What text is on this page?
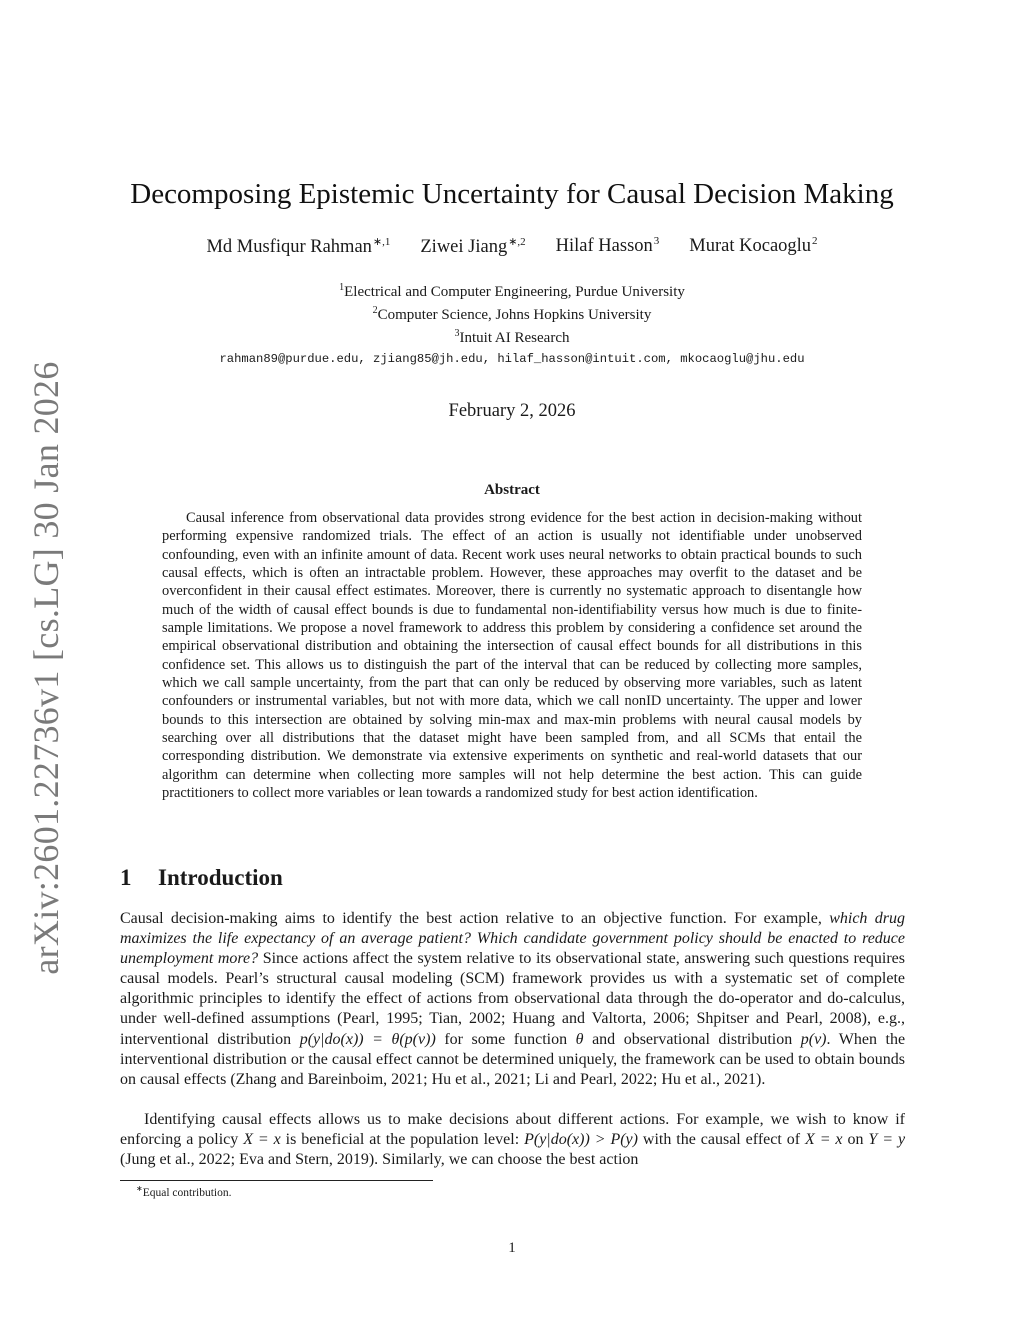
arXiv:2601.22736v1 [cs.LG] 30 Jan 2026
Decomposing Epistemic Uncertainty for Causal Decision Making
Md Musfiqur Rahman$^{∗,1}$ Ziwei Jiang$^{∗,2}$ Hilaf Hasson$^3$ Murat Kocaoglu$^2$
$^1$Electrical and Computer Engineering, Purdue University
$^2$Computer Science, Johns Hopkins University
$^3$Intuit AI Research
rahman89@purdue.edu, zjiang85@jh.edu, hilaf_hasson@intuit.com, mkocaoglu@jhu.edu
February 2, 2026
Abstract

Causal inference from observational data provides strong evidence for the best action in decision-making without performing expensive randomized trials. The effect of an action is usually not identifiable under unobserved confounding, even with an infinite amount of data. Recent work uses neural networks to obtain practical bounds to such causal effects, which is often an intractable problem. However, these approaches may overfit to the dataset and be overconfident in their causal effect estimates. Moreover, there is currently no systematic approach to disentangle how much of the width of causal effect bounds is due to fundamental non-identifiability versus how much is due to finite-sample limitations. We propose a novel framework to address this problem by considering a confidence set around the empirical observational distribution and obtaining the intersection of causal effect bounds for all distributions in this confidence set. This allows us to distinguish the part of the interval that can be reduced by collecting more samples, which we call sample uncertainty, from the part that can only be reduced by observing more variables, such as latent confounders or instrumental variables, but not with more data, which we call nonID uncertainty. The upper and lower bounds to this intersection are obtained by solving min-max and max-min problems with neural causal models by searching over all distributions that the dataset might have been sampled from, and all SCMs that entail the corresponding distribution. We demonstrate via extensive experiments on synthetic and real-world datasets that our algorithm can determine when collecting more samples will not help determine the best action. This can guide practitioners to collect more variables or lean towards a randomized study for best action identification.

1 Introduction

Causal decision-making aims to identify the best action relative to an objective function. For example, which drug maximizes the life expectancy of an average patient? Which candidate government policy should be enacted to reduce unemployment more? Since actions affect the system relative to its observational state, answering such questions requires causal models. Pearl’s structural causal modeling (SCM) framework provides us with a systematic set of complete algorithmic principles to identify the effect of actions from observational data through the do-operator and do-calculus, under well-defined assumptions (Pearl, 1995; Tian, 2002; Huang and Valtorta, 2006; Shpitser and Pearl, 2008), e.g., interventional distribution p(y|do(x)) = θ(p(v)) for some function θ and observational distribution p(v). When the interventional distribution or the causal effect cannot be determined uniquely, the framework can be used to obtain bounds on causal effects (Zhang and Bareinboim, 2021; Hu et al., 2021; Li and Pearl, 2022; Hu et al., 2021).

Identifying causal effects allows us to make decisions about different actions. For example, we wish to know if enforcing a policy X = x is beneficial at the population level: P(y|do(x)) > P(y) with the causal effect of X = x on Y = y (Jung et al., 2022; Eva and Stern, 2019). Similarly, we can choose the best action

∗Equal contribution.
1
